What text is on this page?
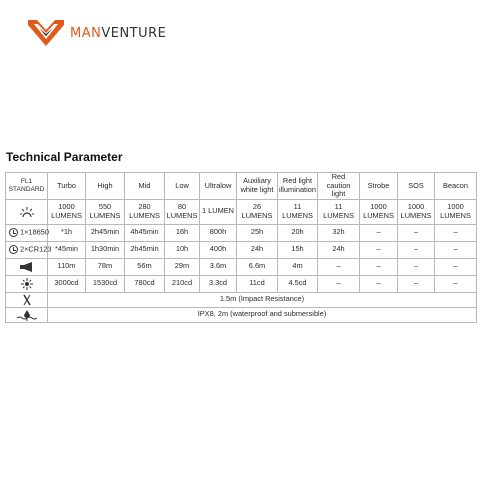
MANVENTURE
Technical Parameter
FL1 STANDARD	Turbo	High	Mid	Low	Ultralow	Auxiliary white light	Red light illumination	Red caution light	Strobe	SOS	Beacon
	1000 LUMENS	550 LUMENS	280 LUMENS	80 LUMENS	1 LUMEN	26 LUMENS	11 LUMENS	11 LUMENS	1000 LUMENS	1000 LUMENS	1000 LUMENS
1×18650	*1h	2h45min	4h45min	16h	800h	25h	20h	32h	–	–	–
2×CR123	*45min	1h30min	2h45min	10h	400h	24h	15h	24h	–	–	–
	110m	78m	56m	29m	3.6m	6.6m	4m	–	–	–	–
	3000cd	1530cd	780cd	210cd	3.3cd	11cd	4.5cd	–	–	–	–
	1.5m (Impact Resistance)										
	IPX8, 2m (waterproof and submersible)										
